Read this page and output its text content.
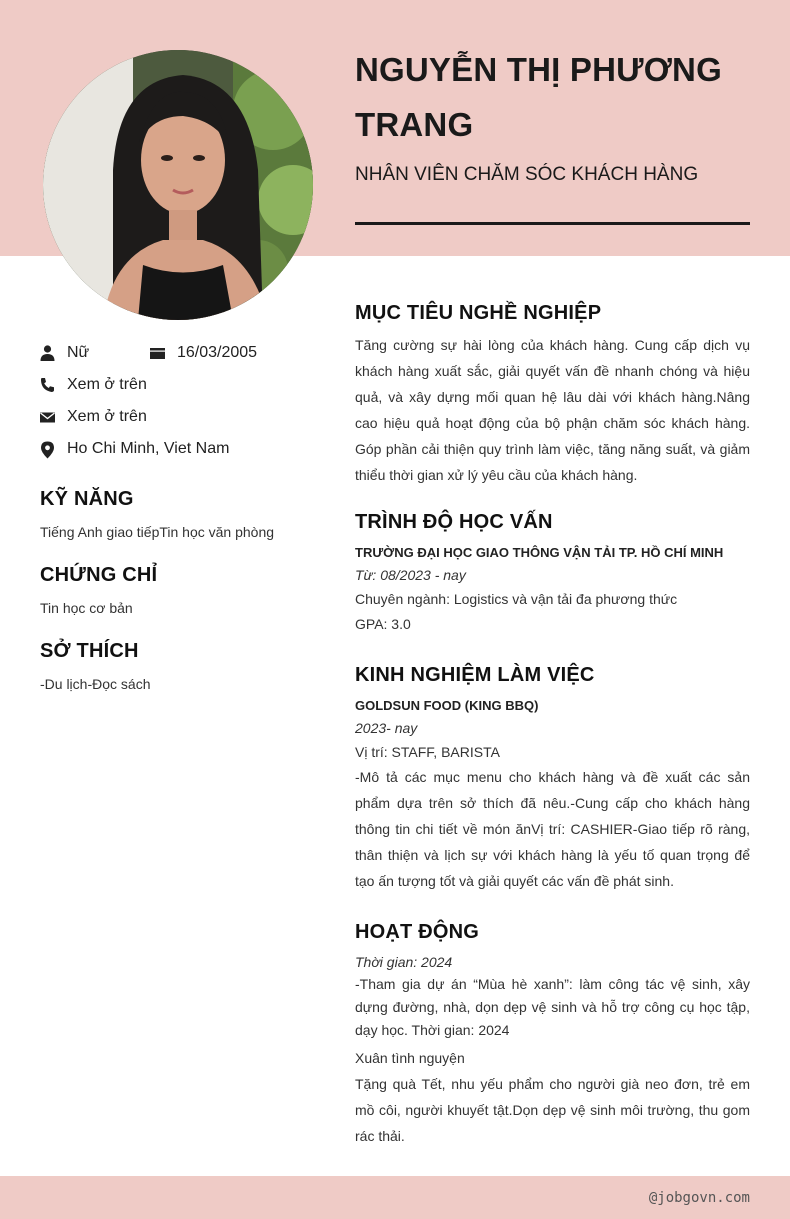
NGUYỄN THỊ PHƯƠNG TRANG
NHÂN VIÊN CHĂM SÓC KHÁCH HÀNG
Nữ	16/03/2005
Xem ở trên
Xem ở trên
Ho Chi Minh, Viet Nam
KỸ NĂNG
Tiếng Anh giao tiếpTin học văn phòng
CHỨNG CHỈ
Tin học cơ bản
SỞ THÍCH
-Du lịch-Đọc sách
MỤC TIÊU NGHỀ NGHIỆP

Tăng cường sự hài lòng của khách hàng. Cung cấp dịch vụ khách hàng xuất sắc, giải quyết vấn đề nhanh chóng và hiệu quả, và xây dựng mối quan hệ lâu dài với khách hàng.Nâng cao hiệu quả hoạt động của bộ phận chăm sóc khách hàng. Góp phần cải thiện quy trình làm việc, tăng năng suất, và giảm thiểu thời gian xử lý yêu cầu của khách hàng.

TRÌNH ĐỘ HỌC VẤN
TRƯỜNG ĐẠI HỌC GIAO THÔNG VẬN TẢI TP. HỒ CHÍ MINH
Từ: 08/2023 - nay
Chuyên ngành: Logistics và vận tải đa phương thức
GPA: 3.0
KINH NGHIỆM LÀM VIỆC
GOLDSUN FOOD (KING BBQ)
2023- nay
Vị trí: STAFF, BARISTA

-Mô tả các mục menu cho khách hàng và đề xuất các sản phẩm dựa trên sở thích đã nêu.-Cung cấp cho khách hàng thông tin chi tiết về món ănVị trí: CASHIER-Giao tiếp rõ ràng, thân thiện và lịch sự với khách hàng là yếu tố quan trọng để tạo ấn tượng tốt và giải quyết các vấn đề phát sinh.

HOẠT ĐỘNG
Thời gian: 2024

-Tham gia dự án “Mùa hè xanh”: làm công tác vệ sinh, xây dựng đường, nhà, dọn dẹp vệ sinh và hỗ trợ công cụ học tập, dạy học. Thời gian: 2024

Xuân tình nguyện

Tặng quà Tết, nhu yếu phẩm cho người già neo đơn, trẻ em mồ côi, người khuyết tật.Dọn dẹp vệ sinh môi trường, thu gom rác thải.

@jobgovn.com
